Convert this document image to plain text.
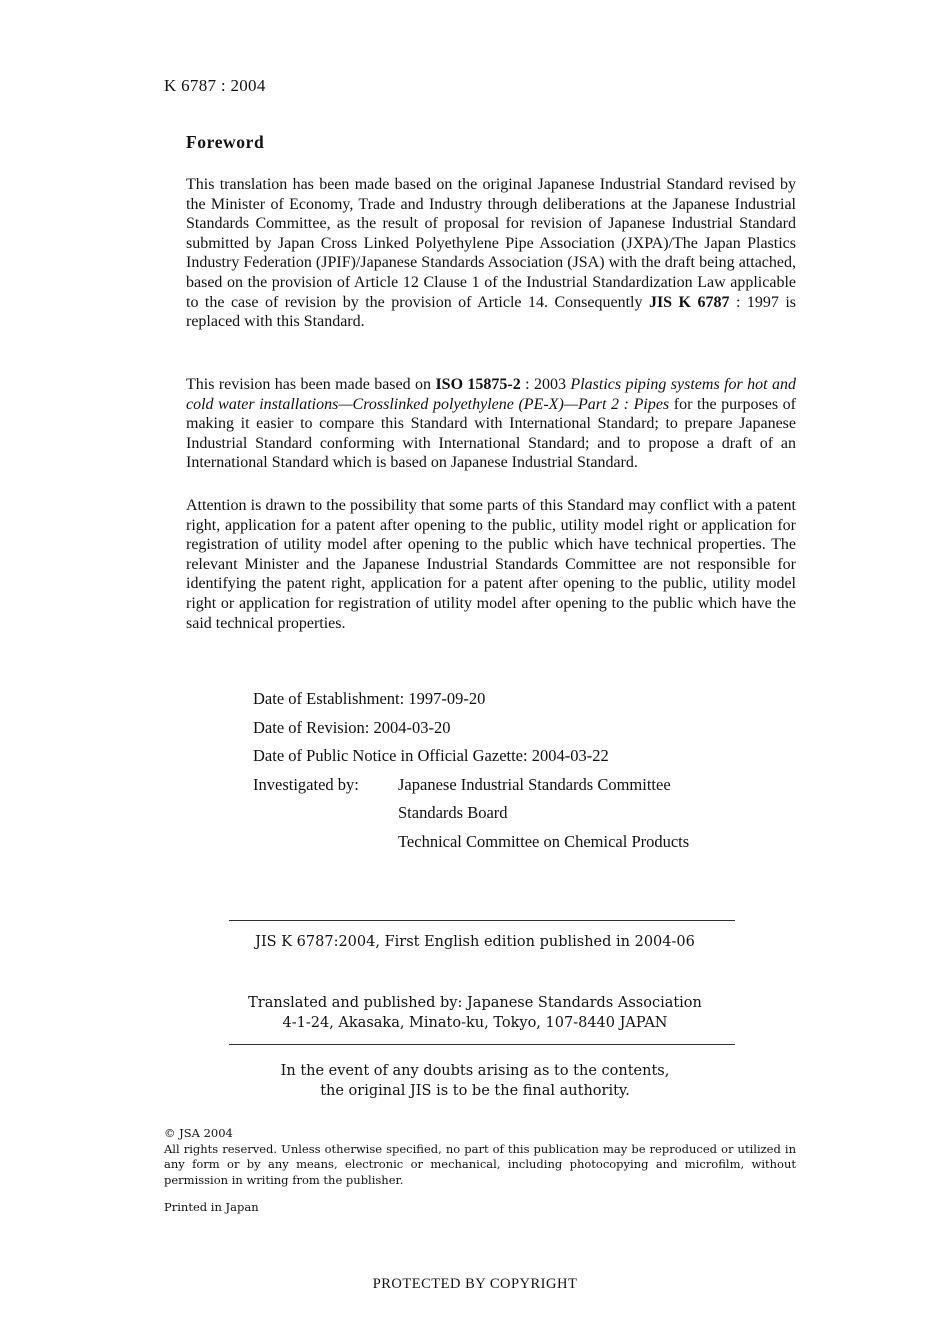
K 6787 : 2004
Foreword
This translation has been made based on the original Japanese Industrial Standard revised by the Minister of Economy, Trade and Industry through deliberations at the Japanese Industrial Standards Committee, as the result of proposal for revision of Japanese Industrial Standard submitted by Japan Cross Linked Polyethylene Pipe Association (JXPA)/The Japan Plastics Industry Federation (JPIF)/Japanese Standards Association (JSA) with the draft being attached, based on the provision of Article 12 Clause 1 of the Industrial Standardization Law applicable to the case of revision by the provision of Article 14. Consequently JIS K 6787 : 1997 is replaced with this Standard.
This revision has been made based on ISO 15875-2 : 2003 Plastics piping systems for hot and cold water installations—Crosslinked polyethylene (PE-X)—Part 2 : Pipes for the purposes of making it easier to compare this Standard with International Standard; to prepare Japanese Industrial Standard conforming with International Standard; and to propose a draft of an International Standard which is based on Japanese Industrial Standard.
Attention is drawn to the possibility that some parts of this Standard may conflict with a patent right, application for a patent after opening to the public, utility model right or application for registration of utility model after opening to the public which have technical properties. The relevant Minister and the Japanese Industrial Standards Committee are not responsible for identifying the patent right, application for a patent after opening to the public, utility model right or application for registration of utility model after opening to the public which have the said technical properties.
Date of Establishment: 1997-09-20
Date of Revision: 2004-03-20
Date of Public Notice in Official Gazette: 2004-03-22
Investigated by:	Japanese Industrial Standards Committee
Standards Board
Technical Committee on Chemical Products
JIS K 6787:2004, First English edition published in 2004-06
Translated and published by: Japanese Standards Association
4-1-24, Akasaka, Minato-ku, Tokyo, 107-8440 JAPAN
In the event of any doubts arising as to the contents,
the original JIS is to be the final authority.
© JSA 2004
All rights reserved. Unless otherwise specified, no part of this publication may be reproduced or utilized in any form or by any means, electronic or mechanical, including photocopying and microfilm, without permission in writing from the publisher.
Printed in Japan
PROTECTED BY COPYRIGHT
